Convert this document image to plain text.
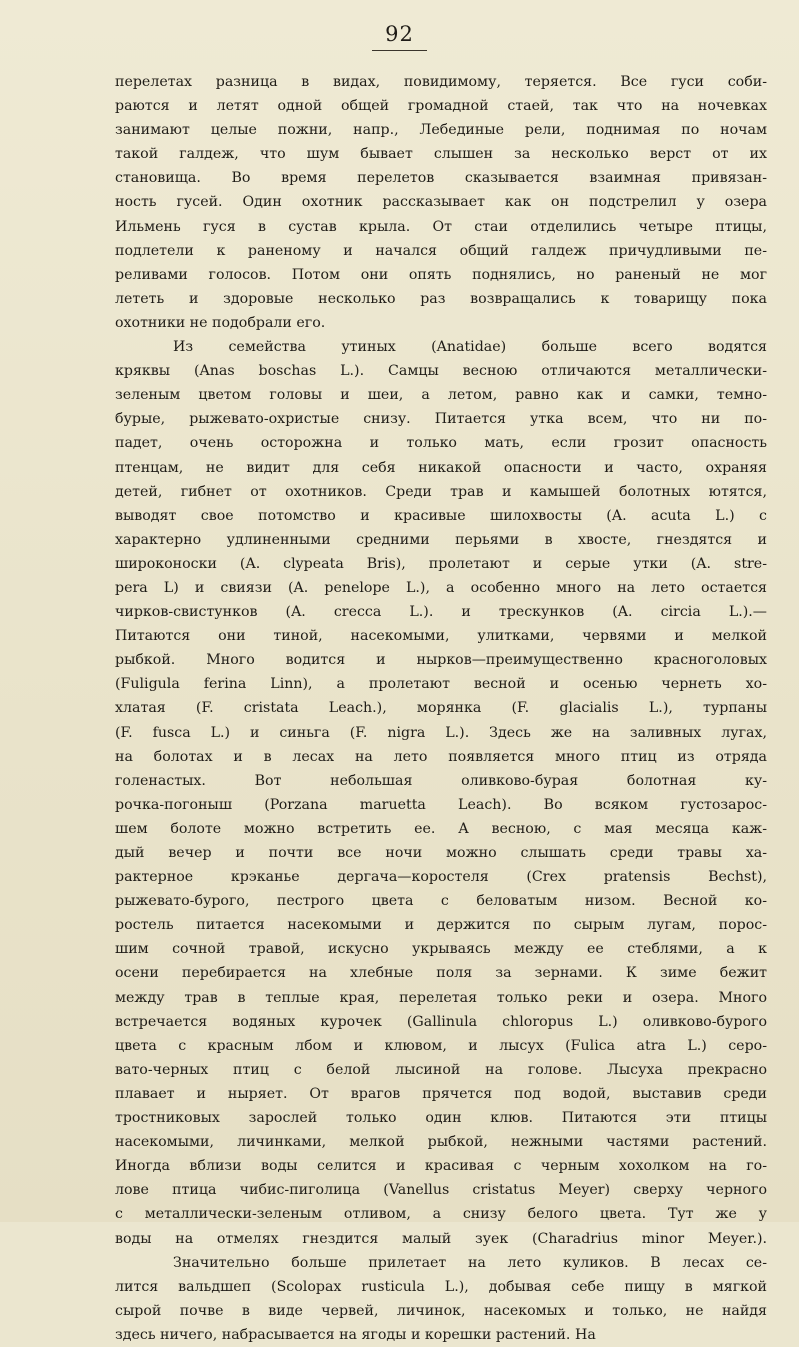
92
перелетах разница в видах, повидимому, теряется. Все гуси соби-
раются и летят одной общей громадной стаей, так что на ночевках
занимают целые пожни, напр., Лебединые рели, поднимая по ночам
такой галдеж, что шум бывает слышен за несколько верст от их
становища. Во время перелетов сказывается взаимная привязан-
ность гусей. Один охотник рассказывает как он подстрелил у озера
Ильмень гуся в сустав крыла. От стаи отделились четыре птицы,
подлетели к раненому и начался общий галдеж причудливыми пе-
реливами голосов. Потом они опять поднялись, но раненый не мог
лететь и здоровые несколько раз возвращались к товарищу пока
охотники не подобрали его.
Из семейства утиных (Anatidae) больше всего водятся
кряквы (Anas boschas L.). Самцы весною отличаются металлически-
зеленым цветом головы и шеи, а летом, равно как и самки, темно-
бурые, рыжевато-охристые снизу. Питается утка всем, что ни по-
падет, очень осторожна и только мать, если грозит опасность
птенцам, не видит для себя никакой опасности и часто, охраняя
детей, гибнет от охотников. Среди трав и камышей болотных ютятся,
выводят свое потомство и красивые шилохвосты (A. acuta L.) с
характерно удлиненными средними перьями в хвосте, гнездятся и
широконоски (A. clypeata Bris), пролетают и серые утки (A. stre-
pera L) и свиязи (A. penelope L.), а особенно много на лето остается
чирков-свистунков (A. crecca L.). и трескунков (A. circia L.).—
Питаются они тиной, насекомыми, улитками, червями и мелкой
рыбкой. Много водится и нырков—преимущественно красноголовых
(Fuligula ferina Linn), а пролетают весной и осенью чернеть хо-
хлатая (F. cristata Leach.), морянка (F. glacialis L.), турпаны
(F. fusca L.) и синьга (F. nigra L.). Здесь же на заливных лугах,
на болотах и в лесах на лето появляется много птиц из отряда
голенастых. Вот небольшая оливково-бурая болотная ку-
рочка-погоныш (Porzana maruetta Leach). Во всяком густозарос-
шем болоте можно встретить ее. А весною, с мая месяца каж-
дый вечер и почти все ночи можно слышать среди травы ха-
рактерное крэканье дергача—коростеля (Crex pratensis Bechst),
рыжевато-бурого, пестрого цвета с беловатым низом. Весной ко-
ростель питается насекомыми и держится по сырым лугам, порос-
шим сочной травой, искусно укрываясь между ее стеблями, а к
осени перебирается на хлебные поля за зернами. К зиме бежит
между трав в теплые края, перелетая только реки и озера. Много
встречается водяных курочек (Gallinula chloropus L.) оливково-бурого
цвета с красным лбом и клювом, и лысух (Fulica atra L.) серо-
вато-черных птиц с белой лысиной на голове. Лысуха прекрасно
плавает и ныряет. От врагов прячется под водой, выставив среди
тростниковых зарослей только один клюв. Питаются эти птицы
насекомыми, личинками, мелкой рыбкой, нежными частями растений.
Иногда вблизи воды селится и красивая с черным хохолком на го-
лове птица чибис-пиголица (Vanellus cristatus Meyer) сверху черного
с металлически-зеленым отливом, а снизу белого цвета. Тут же у
воды на отмелях гнездится малый зуек (Charadrius minor Meyer.).
Значительно больше прилетает на лето куликов. В лесах се-
лится вальдшеп (Scolopax rusticula L.), добывая себе пищу в мягкой
сырой почве в виде червей, личинок, насекомых и только, не найдя
здесь ничего, набрасывается на ягоды и корешки растений. На
